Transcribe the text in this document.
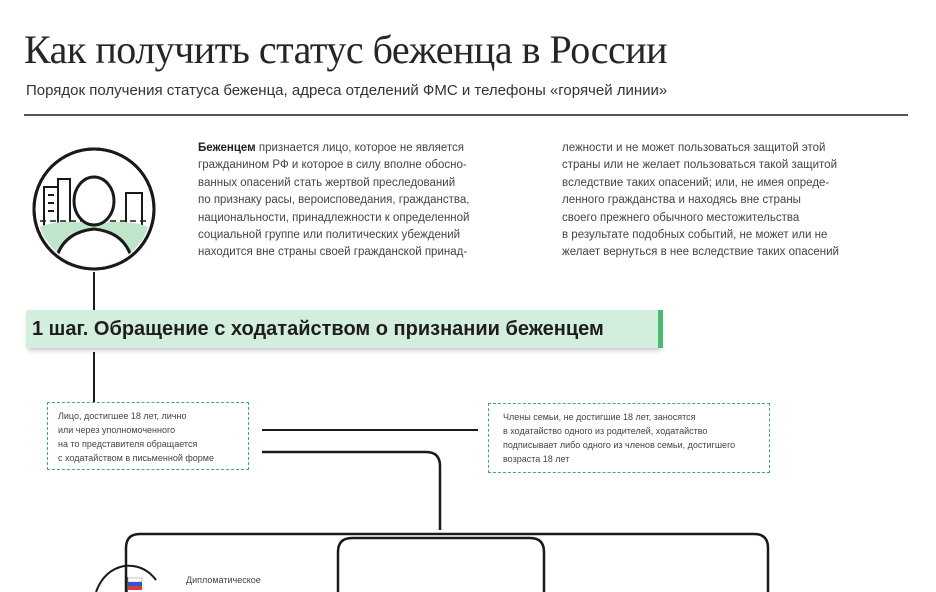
Как получить статус беженца в России
Порядок получения статуса беженца, адреса отделений ФМС и телефоны «горячей линии»
Беженцем признается лицо, которое не является
гражданином РФ и которое в силу вполне обосно-
ванных опасений стать жертвой преследований
по признаку расы, вероисповедания, гражданства,
национальности, принадлежности к определенной
социальной группе или политических убеждений
находится вне страны своей гражданской принад-
лежности и не может пользоваться защитой этой
страны или не желает пользоваться такой защитой
вследствие таких опасений; или, не имея опреде-
ленного гражданства и находясь вне страны
своего прежнего обычного местожительства
в результате подобных событий, не может или не
желает вернуться в нее вследствие таких опасений
1 шаг. Обращение с ходатайством о признании беженцем
Лицо, достигшее 18 лет, лично
или через уполномоченного
на то представителя обращается
с ходатайством в письменной форме
Члены семьи, не достигшие 18 лет, заносятся
в ходатайство одного из родителей, ходатайство
подписывает либо одного из членов семьи, достигшего
возраста 18 лет
Дипломатическое
